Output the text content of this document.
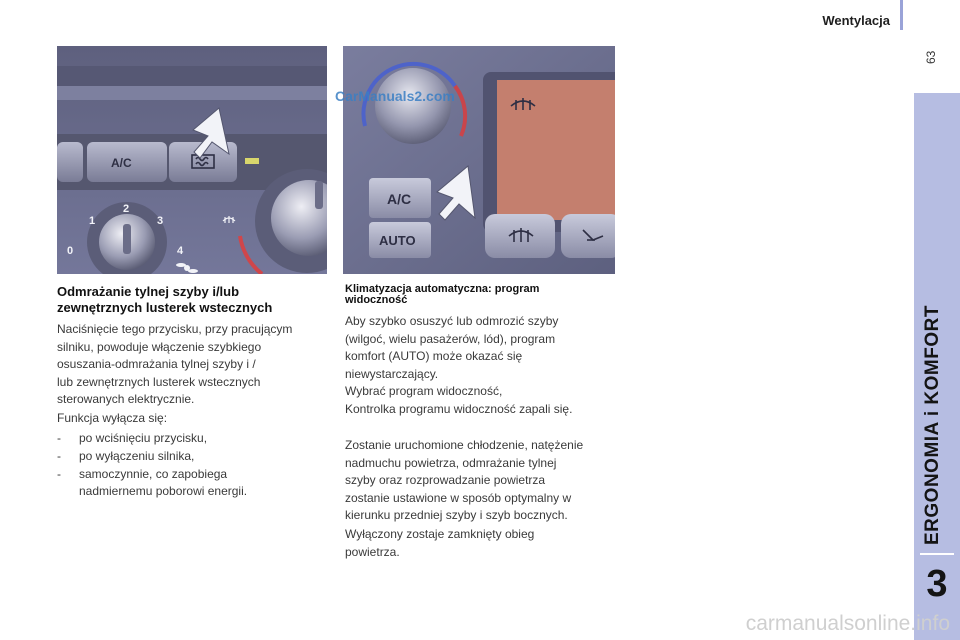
Wentylacja
63
ERGONOMIA i KOMFORT
3
A/C
0
1
2
3
4
A/C
AUTO
CarManuals2.com
Odmrażanie tylnej szyby i/lub
zewnętrznych lusterek wstecznych
Naciśnięcie tego przycisku, przy pracującym
silniku, powoduje włączenie szybkiego
osuszania-odmrażania tylnej szyby i /
lub zewnętrznych lusterek wstecznych
sterowanych elektrycznie.
Funkcja wyłącza się:
- po wciśnięciu przycisku,
- po wyłączeniu silnika,
- samoczynnie, co zapobiega
nadmiernemu poborowi energii.
Klimatyzacja automatyczna: program
widoczność
Aby szybko osuszyć lub odmrozić szyby
(wilgoć, wielu pasażerów, lód), program
komfort (AUTO) może okazać się
niewystarczający.
Wybrać program widoczność,
Kontrolka programu widoczność zapali się.
Zostanie uruchomione chłodzenie, natężenie
nadmuchu powietrza, odmrażanie tylnej
szyby oraz rozprowadzanie powietrza
zostanie ustawione w sposób optymalny w
kierunku przedniej szyby i szyb bocznych.
Wyłączony zostaje zamknięty obieg
powietrza.
carmanualsonline.info
